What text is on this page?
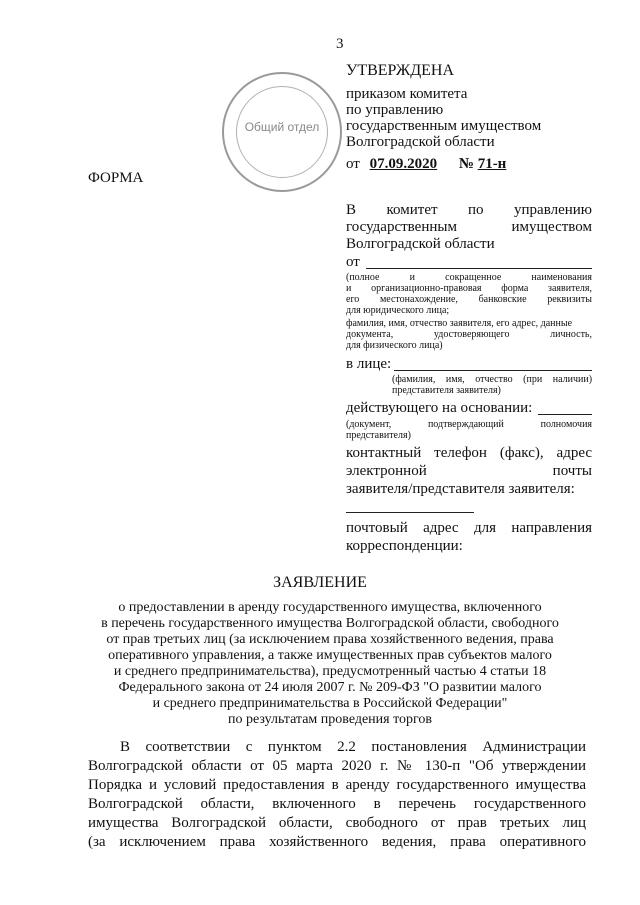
3
Общий отдел
УТВЕРЖДЕНА
приказом комитета
по управлению
государственным имуществом
Волгоградской области
от 07.09.2020 № 71-н
ФОРМА
В комитет по управлению
государственным	имуществом
Волгоградской области
от
(полное	и	сокращенное	наименования
и организационно-правовая форма заявителя,
его местонахождение, банковские реквизиты
для юридического лица;
фамилия, имя, отчество заявителя, его адрес, данные
документа,	удостоверяющего	личность,
для физического лица)
в лице:
(фамилия, имя, отчество (при наличии)
представителя заявителя)
действующего на основании:
(документ,	подтверждающий	полномочия
представителя)
контактный телефон (факс), адрес
электронной	почты
заявителя/представителя заявителя:
почтовый адрес для направления
корреспонденции:
ЗАЯВЛЕНИЕ
о предоставлении в аренду государственного имущества, включенного
в перечень государственного имущества Волгоградской области, свободного
от прав третьих лиц (за исключением права хозяйственного ведения, права
оперативного управления, а также имущественных прав субъектов малого
и среднего предпринимательства), предусмотренный частью 4 статьи 18
Федерального закона от 24 июля 2007 г. № 209-ФЗ "О развитии малого
и среднего предпринимательства в Российской Федерации"
по результатам проведения торгов
В соответствии с пунктом 2.2 постановления Администрации
Волгоградской области от 05 марта 2020 г. № 130-п "Об утверждении
Порядка и условий предоставления в аренду государственного имущества
Волгоградской области, включенного в перечень государственного
имущества Волгоградской области, свободного от прав третьих лиц
(за исключением права хозяйственного ведения, права оперативного
